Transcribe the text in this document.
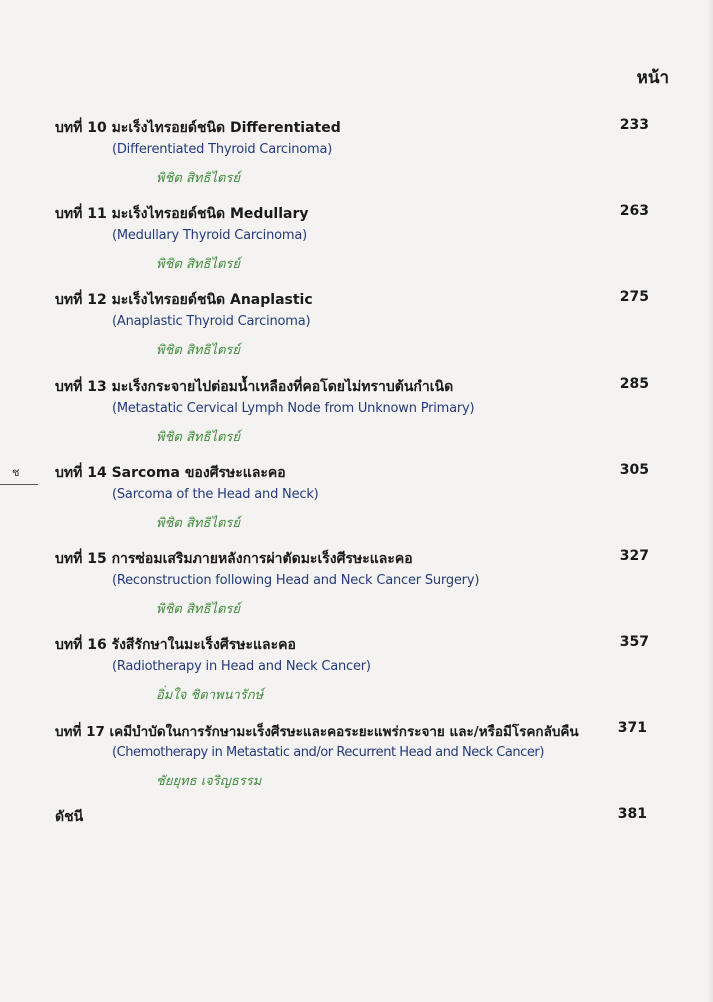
หน้า
ช
บทที่ 10 มะเร็งไทรอยด์ชนิด Differentiated	233
(Differentiated Thyroid Carcinoma)
พิชิต สิทธิไตรย์
บทที่ 11 มะเร็งไทรอยด์ชนิด Medullary	263
(Medullary Thyroid Carcinoma)
พิชิต สิทธิไตรย์
บทที่ 12 มะเร็งไทรอยด์ชนิด Anaplastic	275
(Anaplastic Thyroid Carcinoma)
พิชิต สิทธิไตรย์
บทที่ 13 มะเร็งกระจายไปต่อมน้ำเหลืองที่คอโดยไม่ทราบต้นกำเนิด	285
(Metastatic Cervical Lymph Node from Unknown Primary)
พิชิต สิทธิไตรย์
บทที่ 14 Sarcoma ของศีรษะและคอ	305
(Sarcoma of the Head and Neck)
พิชิต สิทธิไตรย์
บทที่ 15 การซ่อมเสริมภายหลังการผ่าตัดมะเร็งศีรษะและคอ	327
(Reconstruction following Head and Neck Cancer Surgery)
พิชิต สิทธิไตรย์
บทที่ 16 รังสีรักษาในมะเร็งศีรษะและคอ	357
(Radiotherapy in Head and Neck Cancer)
อิ่มใจ ชิตาพนารักษ์
บทที่ 17 เคมีบำบัดในการรักษามะเร็งศีรษะและคอระยะแพร่กระจาย และ/หรือมีโรคกลับคืน	371
(Chemotherapy in Metastatic and/or Recurrent Head and Neck Cancer)
ชัยยุทธ เจริญธรรม
ดัชนี	381
